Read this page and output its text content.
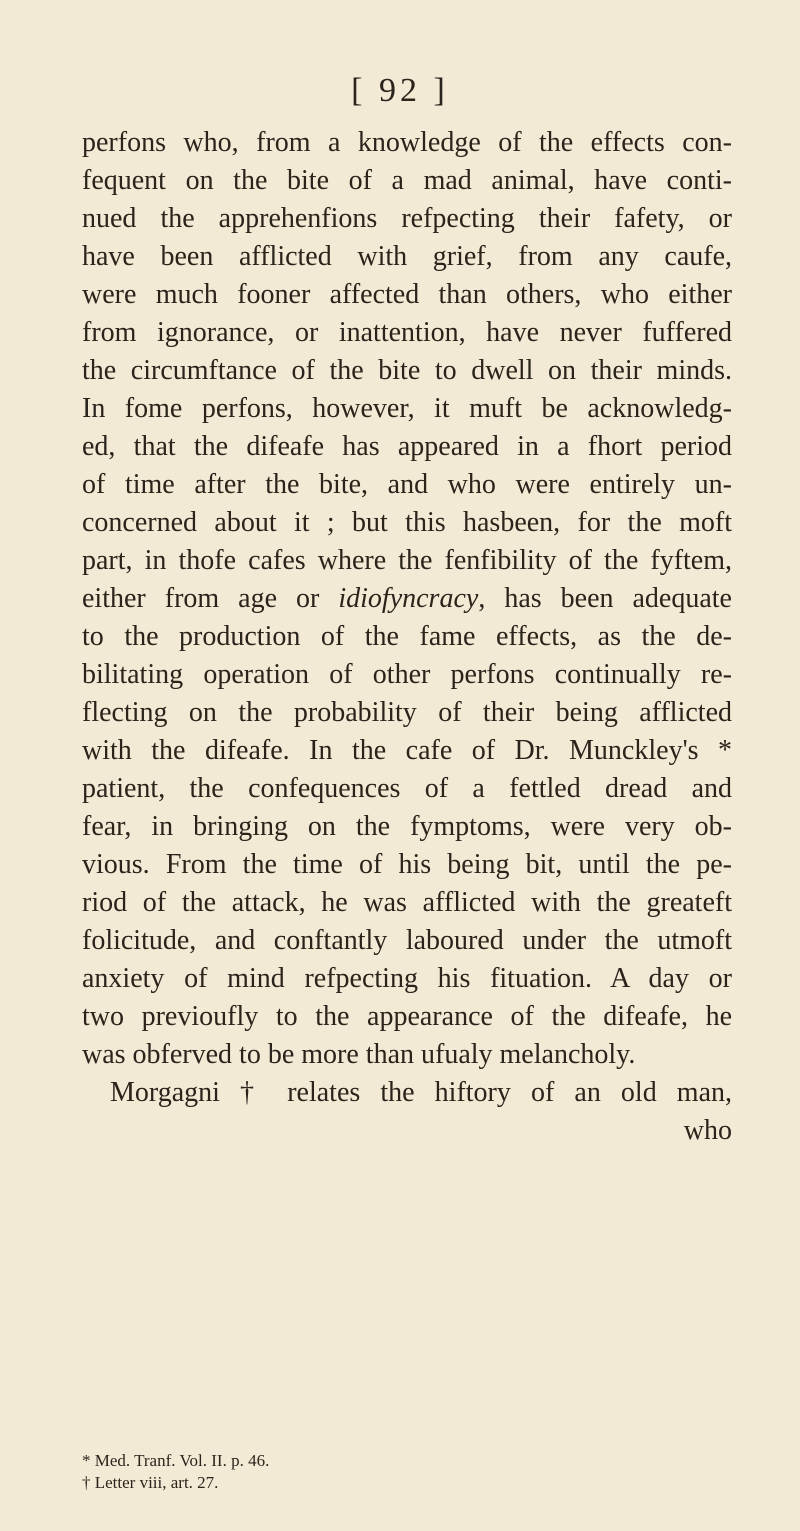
[ 92 ]
perfons who, from a knowledge of the effects con-
fequent on the bite of a mad animal, have conti-
nued the apprehenfions refpecting their fafety, or
have been afflicted with grief, from any caufe,
were much fooner affected than others, who either
from ignorance, or inattention, have never fuffered
the circumftance of the bite to dwell on their minds.
In fome perfons, however, it muft be acknowledg-
ed, that the difeafe has appeared in a fhort period
of time after the bite, and who were entirely un-
concerned about it ; but this hasbeen, for the moft
part, in thofe cafes where the fenfibility of the fyftem,
either from age or idiofyncracy, has been adequate
to the production of the fame effects, as the de-
bilitating operation of other perfons continually re-
flecting on the probability of their being afflicted
with the difeafe. In the cafe of Dr. Munckley's *
patient, the confequences of a fettled dread and
fear, in bringing on the fymptoms, were very ob-
vious. From the time of his being bit, until the pe-
riod of the attack, he was afflicted with the greateft
folicitude, and conftantly laboured under the utmoft
anxiety of mind refpecting his fituation. A day or
two previoufly to the appearance of the difeafe, he
was obferved to be more than ufualy melancholy.
Morgagni † relates the hiftory of an old man,
who
* Med. Tranf. Vol. II. p. 46.
† Letter viii, art. 27.
